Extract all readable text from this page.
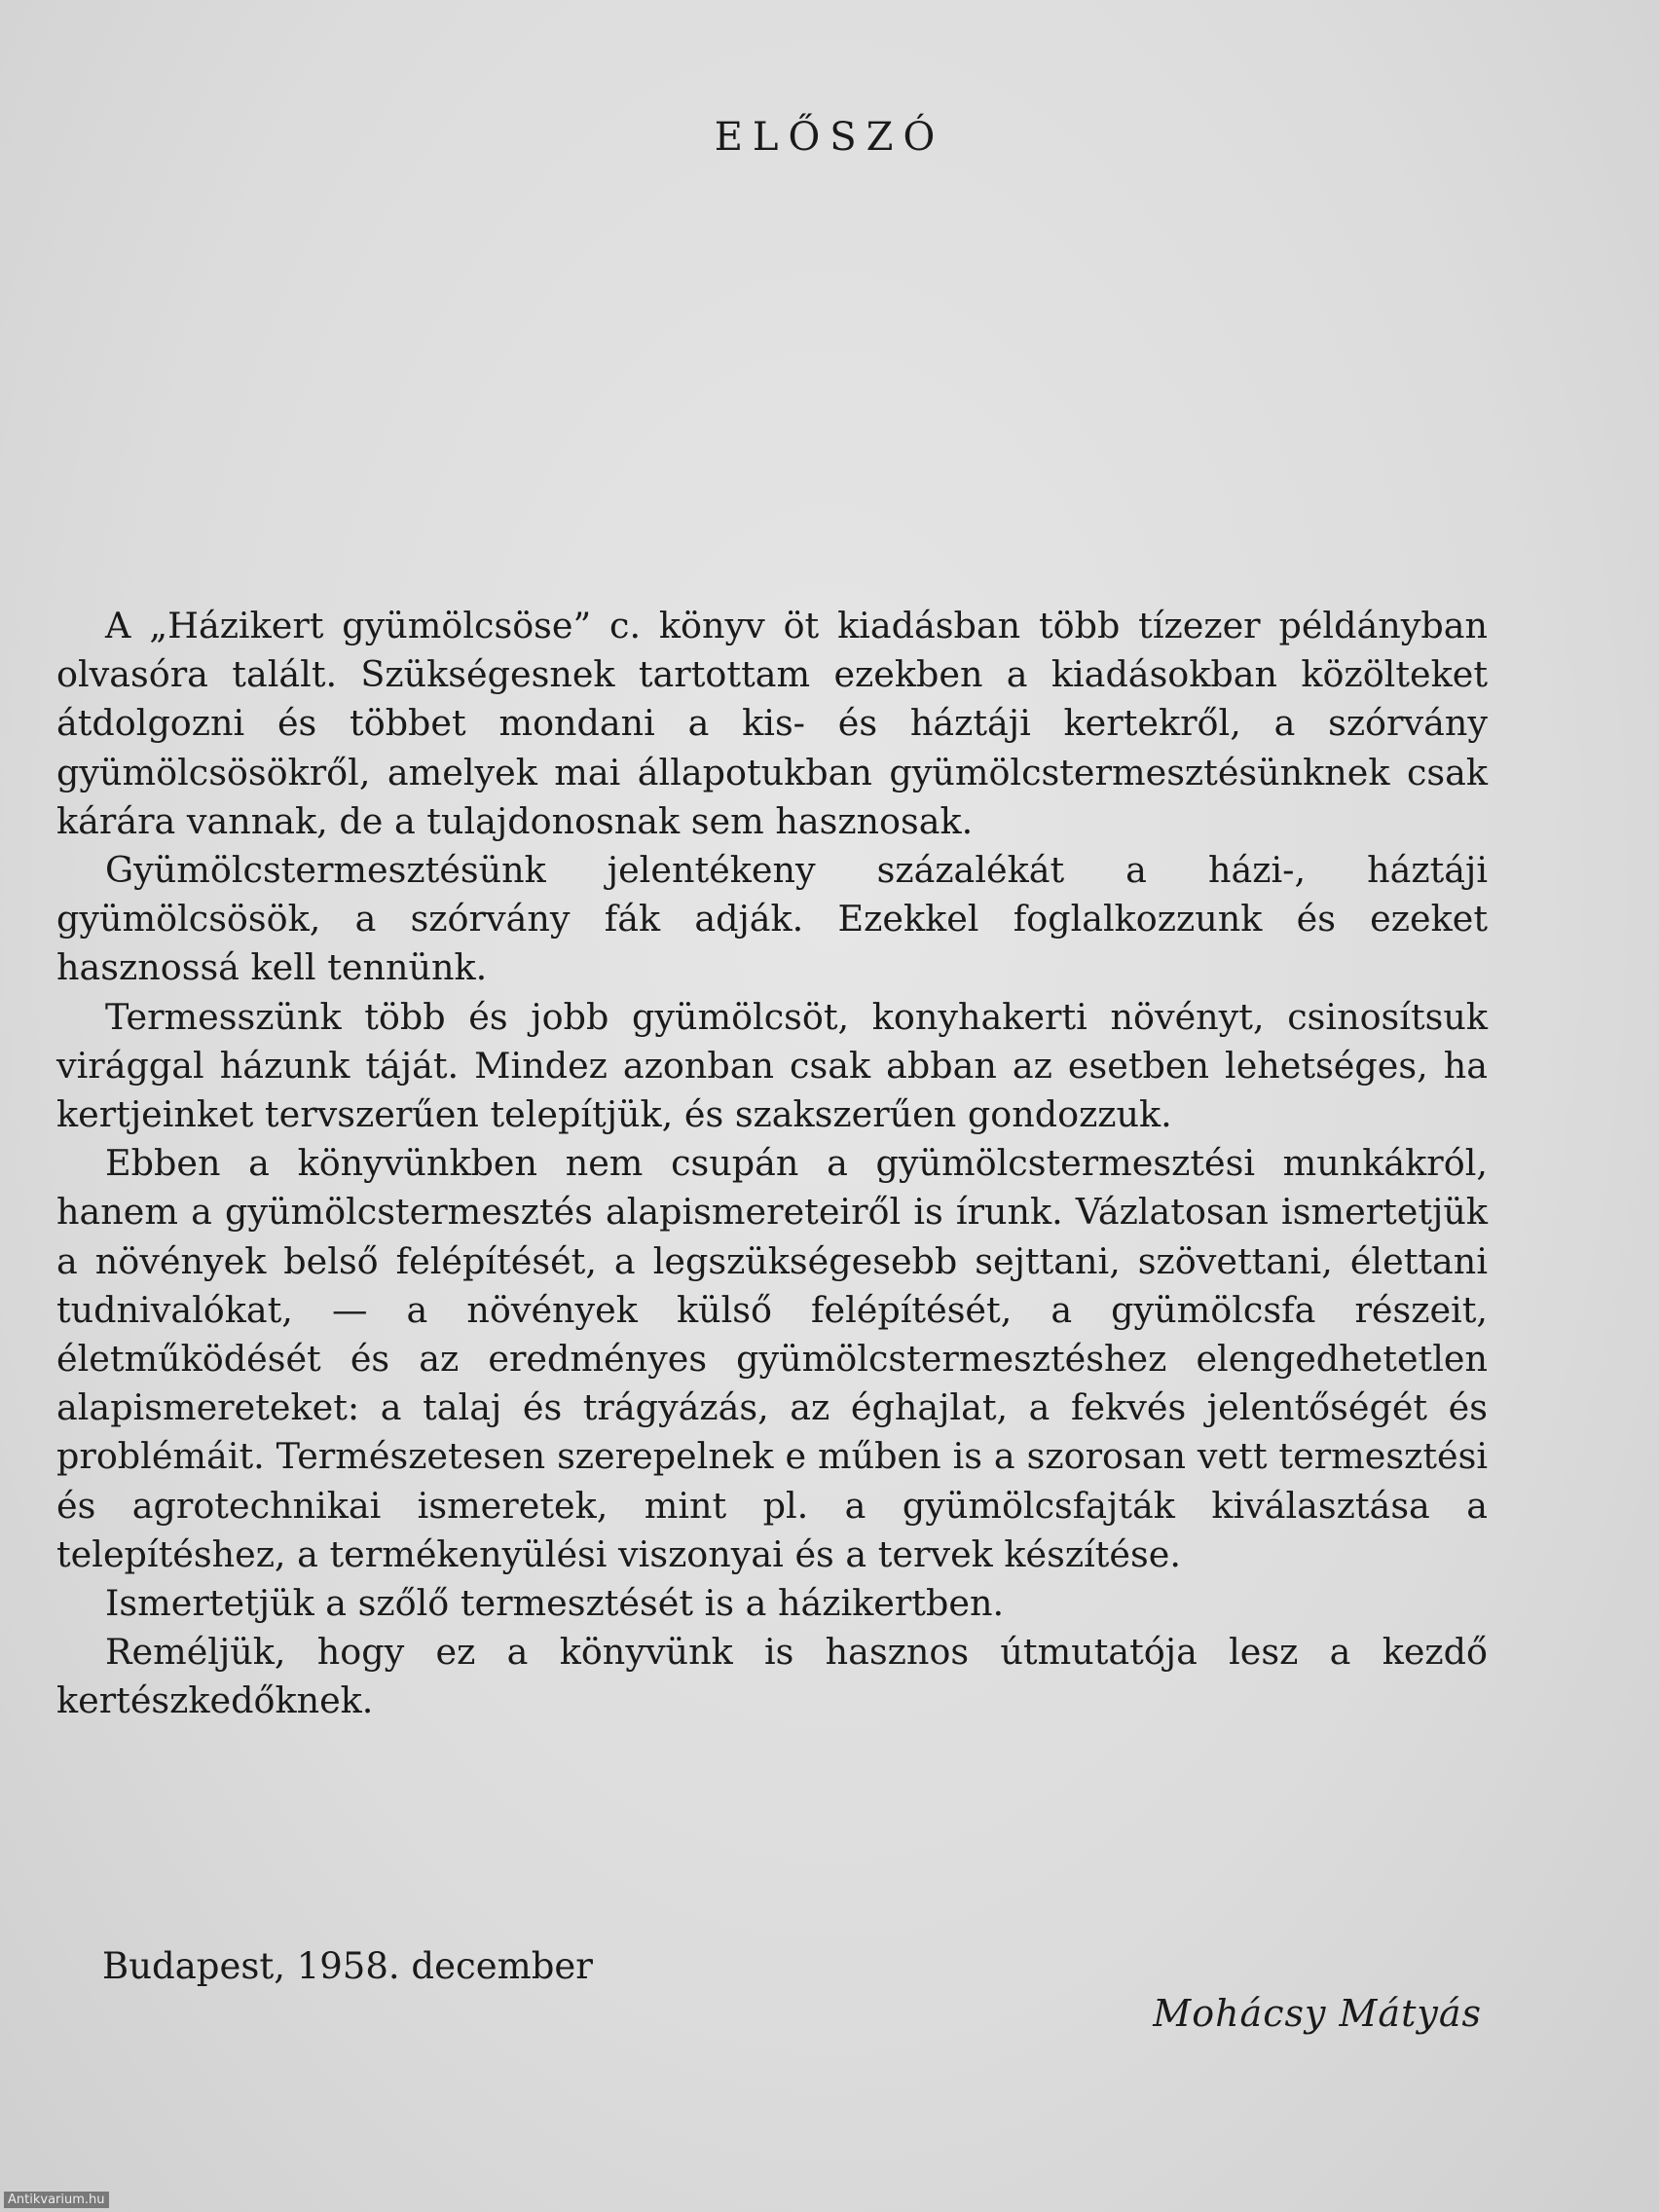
ELŐSZÓ

A „Házikert gyümölcsöse” c. könyv öt kiadásban több tízezer példányban olvasóra talált. Szükségesnek tartottam ezekben a kiadásokban közölteket átdolgozni és többet mondani a kis- és háztáji kertekről, a szórvány gyümölcsösökről, amelyek mai állapotukban gyümölcstermesztésünknek csak kárára vannak, de a tulajdonosnak sem hasznosak.

Gyümölcstermesztésünk jelentékeny százalékát a házi-, háztáji gyümölcsösök, a szórvány fák adják. Ezekkel foglalkozzunk és ezeket hasznossá kell tennünk.

Termesszünk több és jobb gyümölcsöt, konyhakerti növényt, csinosítsuk virággal házunk táját. Mindez azonban csak abban az esetben lehetséges, ha kertjeinket tervszerűen telepítjük, és szakszerűen gondozzuk.

Ebben a könyvünkben nem csupán a gyümölcstermesztési munkákról, hanem a gyümölcstermesztés alapismereteiről is írunk. Vázlatosan ismertetjük a növények belső felépítését, a legszükségesebb sejttani, szövettani, élettani tudnivalókat, — a növények külső felépítését, a gyümölcsfa részeit, életműködését és az eredményes gyümölcstermesztéshez elengedhetetlen alapismereteket: a talaj és trágyázás, az éghajlat, a fekvés jelentőségét és problémáit. Természetesen szerepelnek e műben is a szorosan vett termesztési és agrotechnikai ismeretek, mint pl. a gyümölcsfajták kiválasztása a telepítéshez, a termékenyülési viszonyai és a tervek készítése.

Ismertetjük a szőlő termesztését is a házikertben.

Reméljük, hogy ez a könyvünk is hasznos útmutatója lesz a kezdő kertészkedőknek.

Budapest, 1958. december

Mohácsy Mátyás

Antikvarium.hu
